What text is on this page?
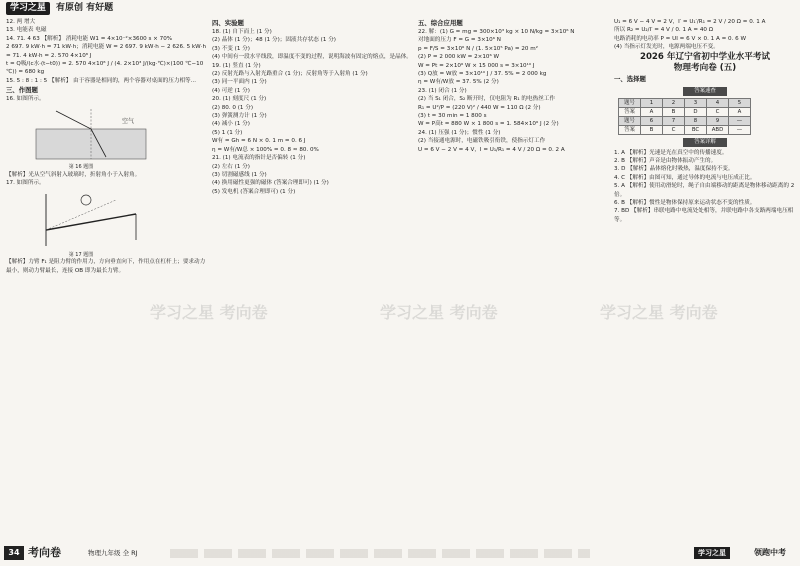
学习之星	有原创 有好题

12. 两 增大

13. 电能表 电磁

14. 71. 4 63 【解析】 消耗电能 W1 = 4×10⁻²×3600 s × 70%

2 697. 9 kW·h = 71 kW·h；消耗电能 W = 2 697. 9 kW·h − 2 626. 5 kW·h = 71. 4 kW·h = 2. 570 4×10⁸ J

t = Q吸/(c水·(t−t0)) = 2. 570 4×10⁸ J / (4. 2×10³ J/(kg·℃)×(100 ℃−10 ℃)) = 680 kg

15. 5 : 8 : 1 : 5 【解析】 由于容器是相同的，两个容器对桌面的压力相等...

三、作图题

16. 如图所示。

空气
第 16 题图

【解析】光从空气斜射入玻璃时，折射角小于入射角。

17. 如图所示。

第 17 题图

【解析】力臂 F₁ 是阻力臂的作用力，方向垂直向下，作用点在杠杆上；要求动力最小，则动力臂最长，连接 OB 即为最长力臂。

四、实验题

18. (1) 自下而上 (1 分)

(2) 晶体 (1 分)；48 (1 分)；固液共存状态 (1 分)

(3) 不变 (1 分)

(4) 中间有一段水平线段，即温度不变的过程，说明海波有固定的熔点，是晶体。

19. (1) 竖直 (1 分)

(2) 反射光路与入射光路重合 (1 分)；反射角等于入射角 (1 分)

(3) 同一平面内 (1 分)

(4) 可逆 (1 分)

20. (1) 刻度尺 (1 分)

(2) 80. 0 (1 分)

(3) 弹簧测力计 (1 分)

(4) 减小 (1 分)

(5) 1 (1 分)

W有 = Gh = 6 N × 0. 1 m = 0. 6 J

η = W有/W总 × 100% = 0. 8 ≈ 80. 0%

21. (1) 电流表的指针是否偏转 (1 分)

(2) 左右 (1 分)

(3) 切割磁感线 (1 分)

(4) 换用磁性更强的磁体 (答案合理即可) (1 分)

(5) 发电机 (答案合理即可) (1 分)

五、综合应用题

22. 解：(1) G = mg = 300×10³ kg × 10 N/kg = 3×10⁶ N

对地面的压力 F = G = 3×10⁶ N

p = F/S = 3×10⁶ N / (1. 5×10⁵ Pa) = 20 m²

(2) P = 2 000 kW = 2×10⁶ W

W = Pt = 2×10⁶ W × 15 000 s = 3×10¹⁰ J

(3) Q放 = W放 = 3×10¹⁰ J / 37. 5% = 2 000 kg

η = W有/W放 = 37. 5% (2 分)

23. (1) 闭合 (1 分)

(2) 当 S₁ 闭合，S₂ 断开时，仅电阻为 R₁ 的电热丝工作

R₁ = U²/P = (220 V)² / 440 W = 110 Ω (2 分)

(3) t = 30 min = 1 800 s

W = P高t = 880 W × 1 800 s = 1. 584×10⁶ J (2 分)

24. (1) 压强 (1 分)；惯性 (1 分)

(2) 当接通电源时，电磁铁吸引衔铁，使指示灯工作

U = 6 V − 2 V = 4 V，I = U₁/R₁ = 4 V / 20 Ω = 0. 2 A

U₁ = 6 V − 4 V = 2 V，I′ = U₁′/R₁ = 2 V / 20 Ω = 0. 1 A

所以 R₂ = U₂/I′ = 4 V / 0. 1 A = 40 Ω

电路消耗的电功率 P = UI = 6 V × 0. 1 A = 0. 6 W

(4) 当指示灯发光时，电源两端电压不变。

2026 年辽宁省初中学业水平考试
物理考向卷 (五)

一、选择题

答案速查
题号	1	2	3	4	5
答案	A	B	D	C	A
题号	6	7	8	9	—
答案	B	C	BC	ABD	—
答案详解

1. A 【解析】光速是光在真空中的传播速度。

2. B 【解析】声音是由物体振动产生的。

3. D 【解析】晶体熔化时吸热，温度保持不变。

4. C 【解析】由图可知，通过导体的电流与电压成正比。

5. A 【解析】使用动滑轮时，绳子自由端移动的距离是物体移动距离的 2 倍。

6. B 【解析】惯性是物体保持原来运动状态不变的性质。

7. BD 【解析】串联电路中电流处处相等，并联电路中各支路两端电压相等。

学习之星 考向卷	学习之星 考向卷	学习之星 考向卷
34 考向卷	物理九年级 全 RJ	学习之星	领跑中考
